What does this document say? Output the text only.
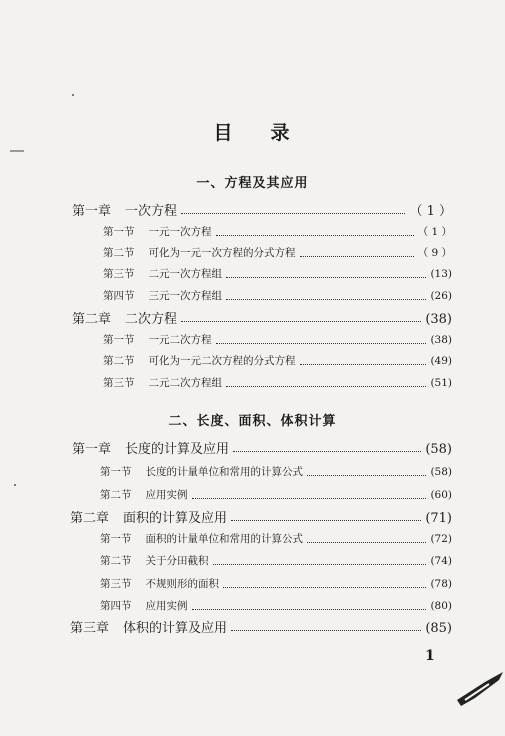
目 录
一、方程及其应用
第一章 一次方程	（ 1 ）
第一节 一元一次方程	（ 1 ）
第二节 可化为一元一次方程的分式方程	（ 9 ）
第三节 二元一次方程组	(13)
第四节 三元一次方程组	(26)
第二章 二次方程	(38)
第一节 一元二次方程	(38)
第二节 可化为一元二次方程的分式方程	(49)
第三节 二元二次方程组	(51)
二、长度、面积、体积计算
第一章 长度的计算及应用	(58)
第一节 长度的计量单位和常用的计算公式	(58)
第二节 应用实例	(60)
第二章 面积的计算及应用	(71)
第一节 面积的计量单位和常用的计算公式	(72)
第二节 关于分田截积	(74)
第三节 不规则形的面积	(78)
第四节 应用实例	(80)
第三章 体积的计算及应用	(85)
1
